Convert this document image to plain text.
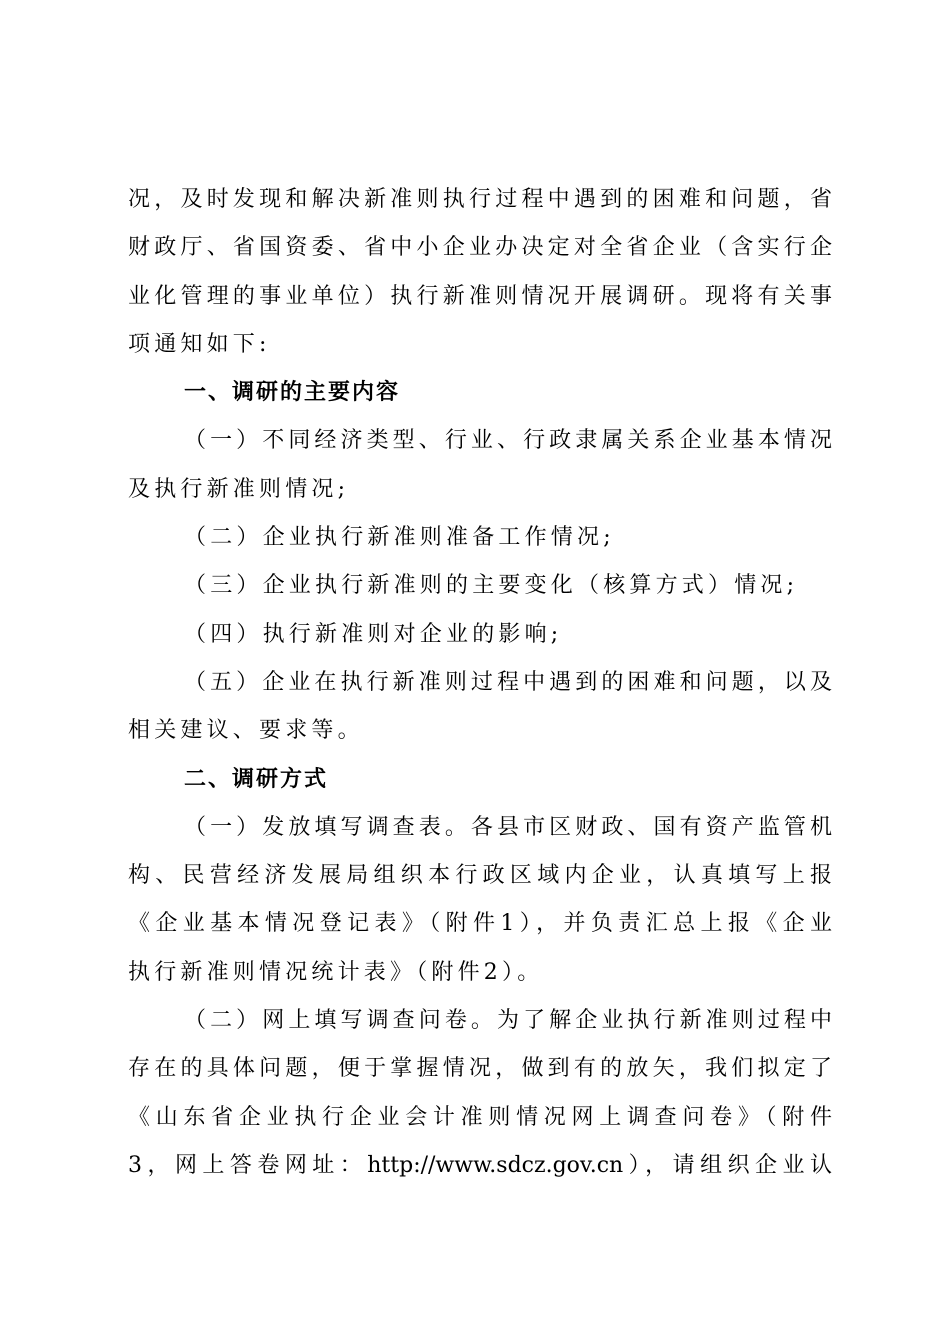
况，及时发现和解决新准则执行过程中遇到的困难和问题，省
财政厅、省国资委、省中小企业办决定对全省企业（含实行企
业化管理的事业单位）执行新准则情况开展调研。现将有关事
项通知如下:
一、调研的主要内容
（一）不同经济类型、行业、行政隶属关系企业基本情况
及执行新准则情况;
（二）企业执行新准则准备工作情况;
（三）企业执行新准则的主要变化（核算方式）情况;
（四）执行新准则对企业的影响;
（五）企业在执行新准则过程中遇到的困难和问题，以及
相关建议、要求等。
二、调研方式
（一）发放填写调查表。各县市区财政、国有资产监管机
构、民营经济发展局组织本行政区域内企业，认真填写上报
《企业基本情况登记表》（附件1），并负责汇总上报《企业
执行新准则情况统计表》（附件2）。
（二）网上填写调查问卷。为了解企业执行新准则过程中
存在的具体问题，便于掌握情况，做到有的放矢，我们拟定了
《山东省企业执行企业会计准则情况网上调查问卷》（附件
3，网上答卷网址：http://www.sdcz.gov.cn），请组织企业认
